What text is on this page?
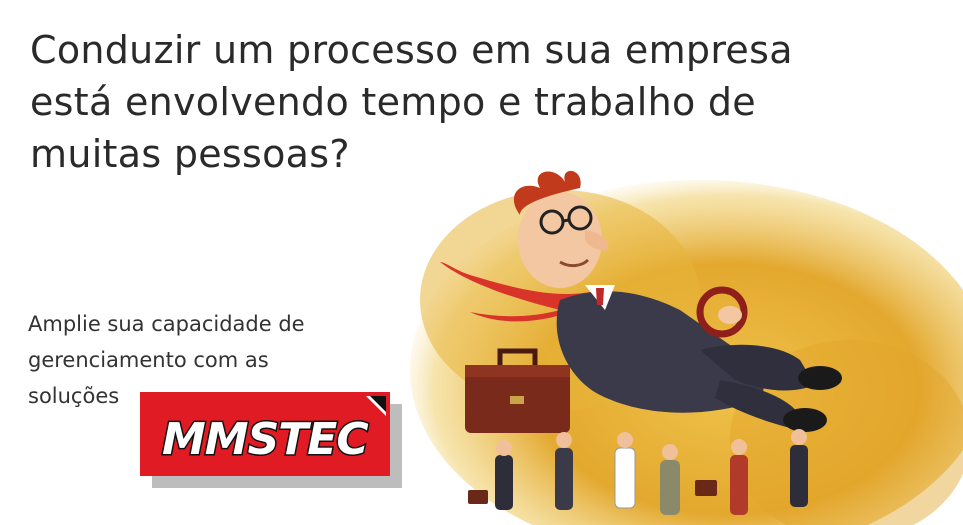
Conduzir um processo em sua empresa
está envolvendo tempo e trabalho de
muitas pessoas?
Amplie sua capacidade de
gerenciamento com as
soluções
MMSTEC
